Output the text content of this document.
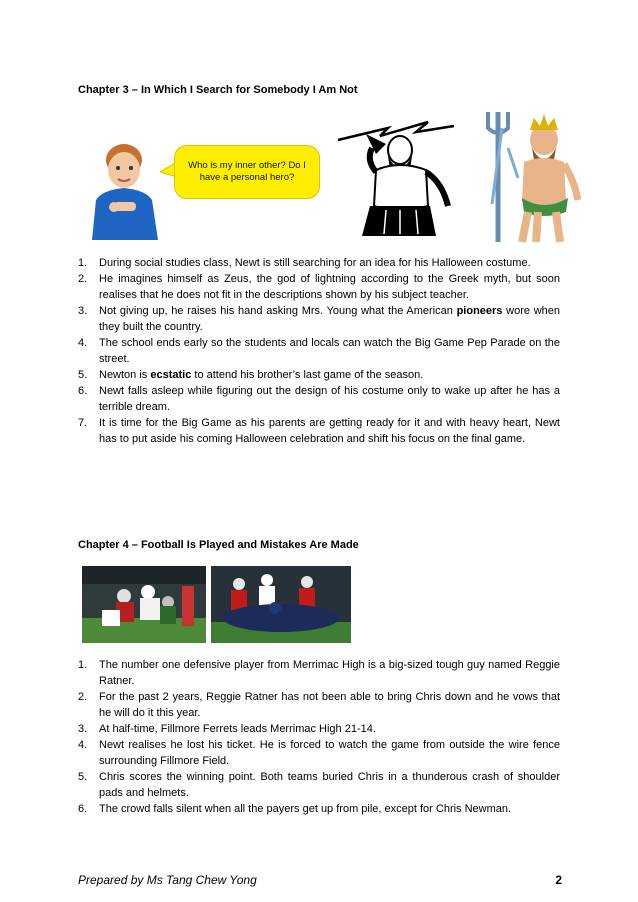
Chapter 3 – In Which I Search for Somebody I Am Not
Who is my inner other? Do I have a personal hero?
1. During social studies class, Newt is still searching for an idea for his Halloween costume.
2. He imagines himself as Zeus, the god of lightning according to the Greek myth, but soon realises that he does not fit in the descriptions shown by his subject teacher.
3. Not giving up, he raises his hand asking Mrs. Young what the American pioneers wore when they built the country.
4. The school ends early so the students and locals can watch the Big Game Pep Parade on the street.
5. Newton is ecstatic to attend his brother’s last game of the season.
6. Newt falls asleep while figuring out the design of his costume only to wake up after he has a terrible dream.
7. It is time for the Big Game as his parents are getting ready for it and with heavy heart, Newt has to put aside his coming Halloween celebration and shift his focus on the final game.
Chapter 4 – Football Is Played and Mistakes Are Made
1. The number one defensive player from Merrimac High is a big-sized tough guy named Reggie Ratner.
2. For the past 2 years, Reggie Ratner has not been able to bring Chris down and he vows that he will do it this year.
3. At half-time, Fillmore Ferrets leads Merrimac High 21-14.
4. Newt realises he lost his ticket. He is forced to watch the game from outside the wire fence surrounding Fillmore Field.
5. Chris scores the winning point. Both teams buried Chris in a thunderous crash of shoulder pads and helmets.
6. The crowd falls silent when all the payers get up from pile, except for Chris Newman.
Prepared by Ms Tang Chew Yong	2
